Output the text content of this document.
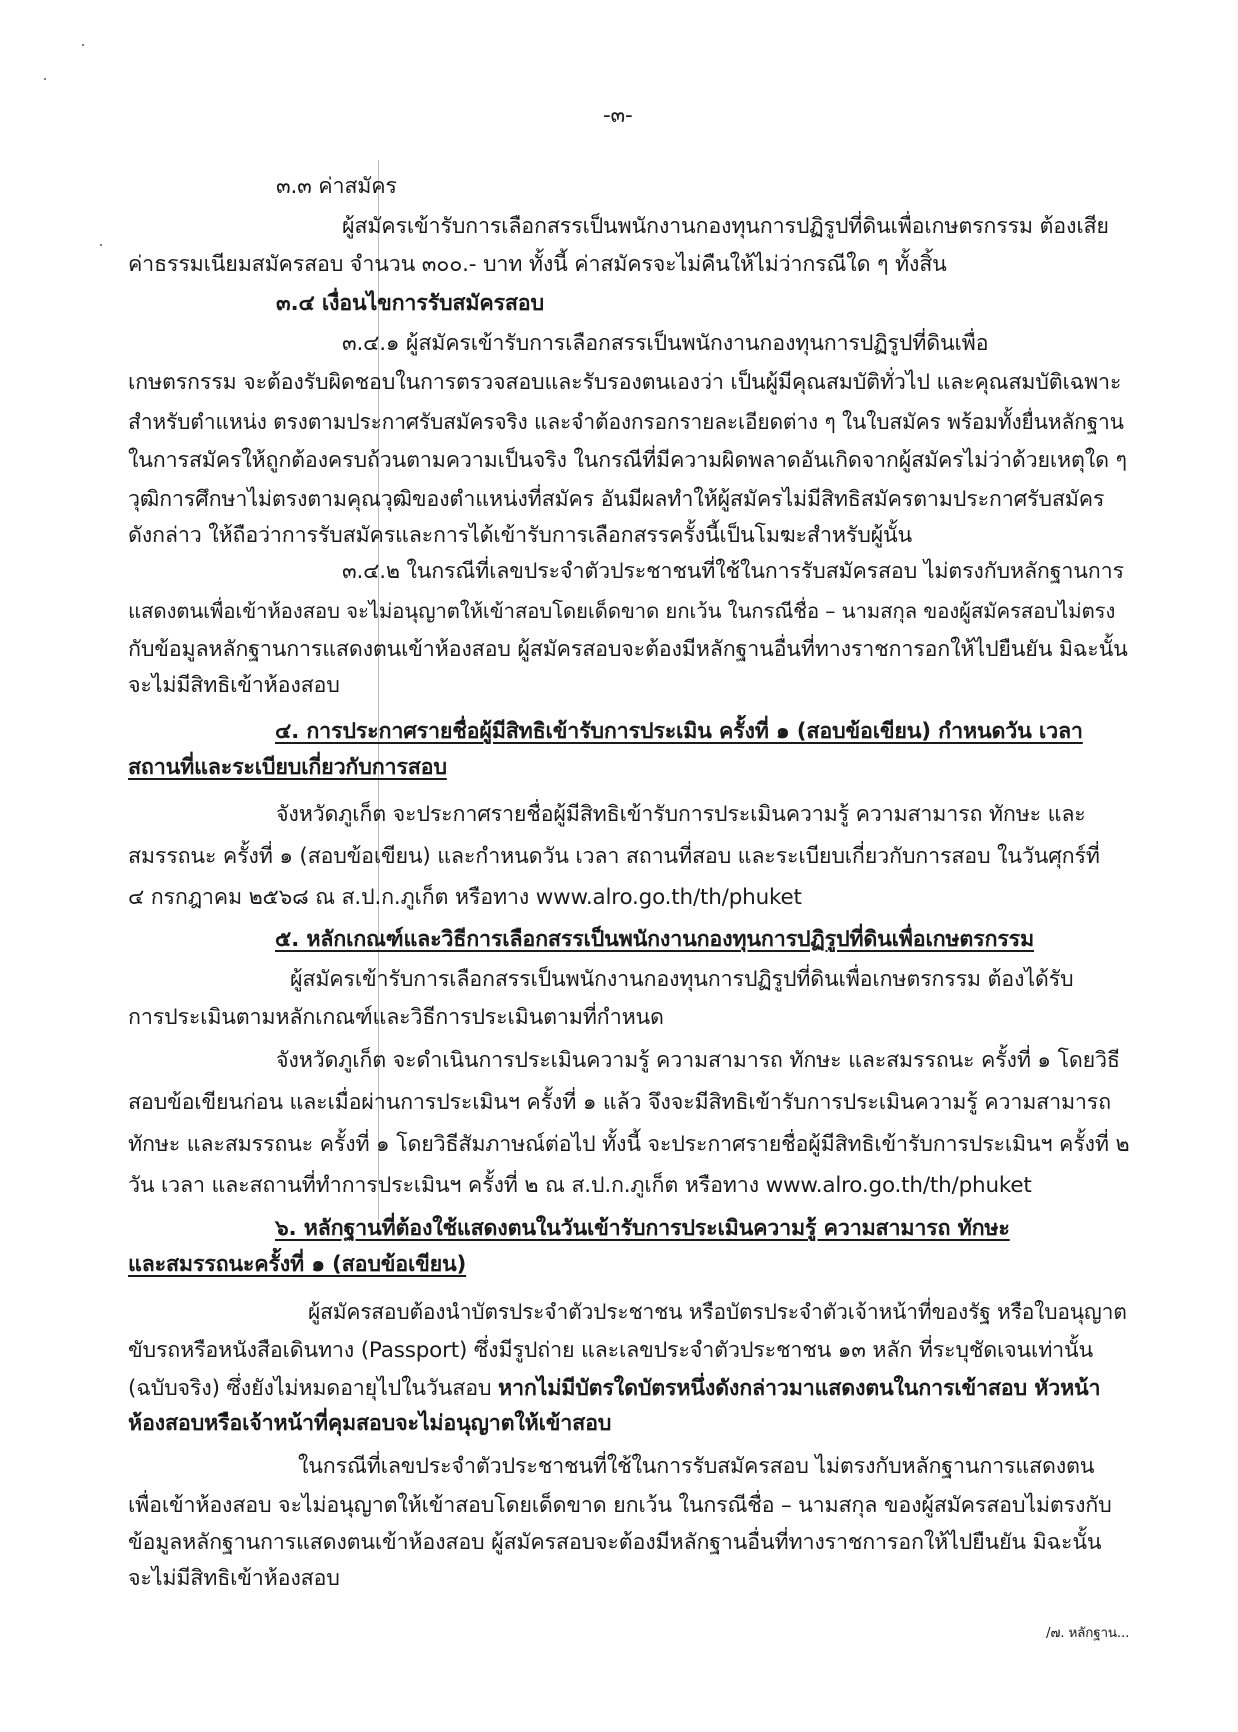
-๓-
๓.๓ ค่าสมัคร
ผู้สมัครเข้ารับการเลือกสรรเป็นพนักงานกองทุนการปฏิรูปที่ดินเพื่อเกษตรกรรม ต้องเสีย
ค่าธรรมเนียมสมัครสอบ จำนวน ๓๐๐.- บาท ทั้งนี้ ค่าสมัครจะไม่คืนให้ไม่ว่ากรณีใด ๆ ทั้งสิ้น
๓.๔ เงื่อนไขการรับสมัครสอบ
๓.๔.๑ ผู้สมัครเข้ารับการเลือกสรรเป็นพนักงานกองทุนการปฏิรูปที่ดินเพื่อ
เกษตรกรรม จะต้องรับผิดชอบในการตรวจสอบและรับรองตนเองว่า เป็นผู้มีคุณสมบัติทั่วไป และคุณสมบัติเฉพาะ
สำหรับตำแหน่ง ตรงตามประกาศรับสมัครจริง และจำต้องกรอกรายละเอียดต่าง ๆ ในใบสมัคร พร้อมทั้งยื่นหลักฐาน
ในการสมัครให้ถูกต้องครบถ้วนตามความเป็นจริง ในกรณีที่มีความผิดพลาดอันเกิดจากผู้สมัครไม่ว่าด้วยเหตุใด ๆ
วุฒิการศึกษาไม่ตรงตามคุณวุฒิของตำแหน่งที่สมัคร อันมีผลทำให้ผู้สมัครไม่มีสิทธิสมัครตามประกาศรับสมัคร
ดังกล่าว ให้ถือว่าการรับสมัครและการได้เข้ารับการเลือกสรรครั้งนี้เป็นโมฆะสำหรับผู้นั้น
๓.๔.๒ ในกรณีที่เลขประจำตัวประชาชนที่ใช้ในการรับสมัครสอบ ไม่ตรงกับหลักฐานการ
แสดงตนเพื่อเข้าห้องสอบ จะไม่อนุญาตให้เข้าสอบโดยเด็ดขาด ยกเว้น ในกรณีชื่อ – นามสกุล ของผู้สมัครสอบไม่ตรง
กับข้อมูลหลักฐานการแสดงตนเข้าห้องสอบ ผู้สมัครสอบจะต้องมีหลักฐานอื่นที่ทางราชการอกให้ไปยืนยัน มิฉะนั้น
จะไม่มีสิทธิเข้าห้องสอบ
๔. การประกาศรายชื่อผู้มีสิทธิเข้ารับการประเมิน ครั้งที่ ๑ (สอบข้อเขียน) กำหนดวัน เวลา
สถานที่และระเบียบเกี่ยวกับการสอบ
จังหวัดภูเก็ต จะประกาศรายชื่อผู้มีสิทธิเข้ารับการประเมินความรู้ ความสามารถ ทักษะ และ
สมรรถนะ ครั้งที่ ๑ (สอบข้อเขียน) และกำหนดวัน เวลา สถานที่สอบ และระเบียบเกี่ยวกับการสอบ ในวันศุกร์ที่
๔ กรกฎาคม ๒๕๖๘ ณ ส.ป.ก.ภูเก็ต หรือทาง www.alro.go.th/th/phuket
๕. หลักเกณฑ์และวิธีการเลือกสรรเป็นพนักงานกองทุนการปฏิรูปที่ดินเพื่อเกษตรกรรม
ผู้สมัครเข้ารับการเลือกสรรเป็นพนักงานกองทุนการปฏิรูปที่ดินเพื่อเกษตรกรรม ต้องได้รับ
การประเมินตามหลักเกณฑ์และวิธีการประเมินตามที่กำหนด
จังหวัดภูเก็ต จะดำเนินการประเมินความรู้ ความสามารถ ทักษะ และสมรรถนะ ครั้งที่ ๑ โดยวิธี
สอบข้อเขียนก่อน และเมื่อผ่านการประเมินฯ ครั้งที่ ๑ แล้ว จึงจะมีสิทธิเข้ารับการประเมินความรู้ ความสามารถ
ทักษะ และสมรรถนะ ครั้งที่ ๑ โดยวิธีสัมภาษณ์ต่อไป ทั้งนี้ จะประกาศรายชื่อผู้มีสิทธิเข้ารับการประเมินฯ ครั้งที่ ๒
วัน เวลา และสถานที่ทำการประเมินฯ ครั้งที่ ๒ ณ ส.ป.ก.ภูเก็ต หรือทาง www.alro.go.th/th/phuket
๖. หลักฐานที่ต้องใช้แสดงตนในวันเข้ารับการประเมินความรู้ ความสามารถ ทักษะ
และสมรรถนะครั้งที่ ๑ (สอบข้อเขียน)
ผู้สมัครสอบต้องนำบัตรประจำตัวประชาชน หรือบัตรประจำตัวเจ้าหน้าที่ของรัฐ หรือใบอนุญาต
ขับรถหรือหนังสือเดินทาง (Passport) ซึ่งมีรูปถ่าย และเลขประจำตัวประชาชน ๑๓ หลัก ที่ระบุชัดเจนเท่านั้น
(ฉบับจริง) ซึ่งยังไม่หมดอายุไปในวันสอบ หากไม่มีบัตรใดบัตรหนึ่งดังกล่าวมาแสดงตนในการเข้าสอบ หัวหน้า
ห้องสอบหรือเจ้าหน้าที่คุมสอบจะไม่อนุญาตให้เข้าสอบ
ในกรณีที่เลขประจำตัวประชาชนที่ใช้ในการรับสมัครสอบ ไม่ตรงกับหลักฐานการแสดงตน
เพื่อเข้าห้องสอบ จะไม่อนุญาตให้เข้าสอบโดยเด็ดขาด ยกเว้น ในกรณีชื่อ – นามสกุล ของผู้สมัครสอบไม่ตรงกับ
ข้อมูลหลักฐานการแสดงตนเข้าห้องสอบ ผู้สมัครสอบจะต้องมีหลักฐานอื่นที่ทางราชการอกให้ไปยืนยัน มิฉะนั้น
จะไม่มีสิทธิเข้าห้องสอบ
/๗. หลักฐาน...
